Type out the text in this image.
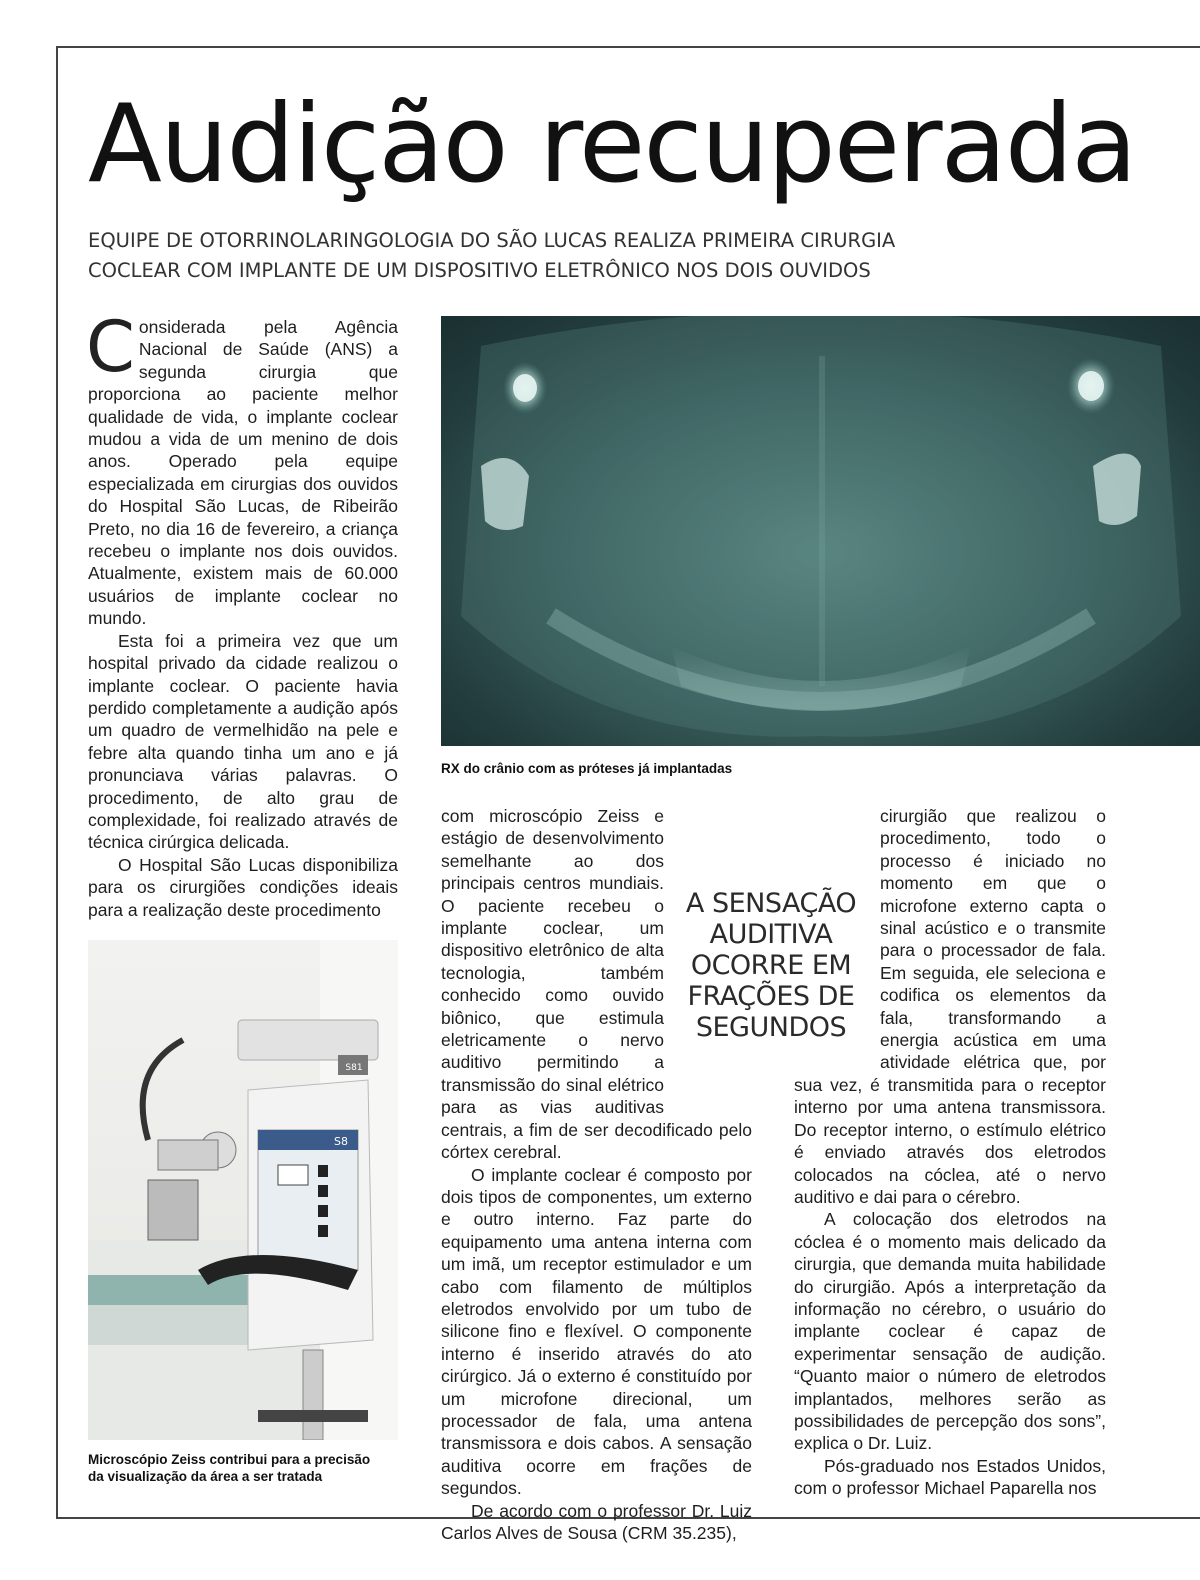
Audição recuperada
EQUIPE DE OTORRINOLARINGOLOGIA DO SÃO LUCAS REALIZA PRIMEIRA CIRURGIA
COCLEAR COM IMPLANTE DE UM DISPOSITIVO ELETRÔNICO NOS DOIS OUVIDOS

Considerada pela Agência Nacional de Saúde (ANS) a segunda cirurgia que proporciona ao paciente melhor qualidade de vida, o implante coclear mudou a vida de um menino de dois anos. Operado pela equipe especializada em cirurgias dos ouvidos do Hospital São Lucas, de Ribeirão Preto, no dia 16 de fevereiro, a criança recebeu o implante nos dois ouvidos. Atualmente, existem mais de 60.000 usuários de implante coclear no mundo.

Esta foi a primeira vez que um hospital privado da cidade realizou o implante coclear. O paciente havia perdido completamente a audição após um quadro de vermelhidão na pele e febre alta quando tinha um ano e já pronunciava várias palavras. O procedimento, de alto grau de complexidade, foi realizado através de técnica cirúrgica delicada.

O Hospital São Lucas disponibiliza para os cirurgiões condições ideais para a realização deste procedimento

RX do crânio com as próteses já implantadas
S81
S8
Microscópio Zeiss contribui para a precisão da visualização da área a ser tratada

com microscópio Zeiss e estágio de desenvolvimento semelhante ao dos principais centros mundiais. O paciente recebeu o implante coclear, um dispositivo eletrônico de alta tecnologia, também conhecido como ouvido biônico, que estimula eletricamente o nervo auditivo permitindo a transmissão do sinal elétrico para as vias auditivas centrais, a fim de ser decodificado pelo córtex cerebral.

O implante coclear é composto por dois tipos de componentes, um externo e outro interno. Faz parte do equipamento uma antena interna com um imã, um receptor estimulador e um cabo com filamento de múltiplos eletrodos envolvido por um tubo de silicone fino e flexível. O componente interno é inserido através do ato cirúrgico. Já o externo é constituído por um microfone direcional, um processador de fala, uma antena transmissora e dois cabos. A sensação auditiva ocorre em frações de segundos.

De acordo com o professor Dr. Luiz Carlos Alves de Sousa (CRM 35.235),

A SENSAÇÃO
AUDITIVA
OCORRE EM
FRAÇÕES DE
SEGUNDOS

cirurgião que realizou o procedimento, todo o processo é iniciado no momento em que o microfone externo capta o sinal acústico e o transmite para o processador de fala. Em seguida, ele seleciona e codifica os elementos da fala, transformando a energia acústica em uma atividade elétrica que, por sua vez, é transmitida para o receptor interno por uma antena transmissora. Do receptor interno, o estímulo elétrico é enviado através dos eletrodos colocados na cóclea, até o nervo auditivo e dai para o cérebro.

A colocação dos eletrodos na cóclea é o momento mais delicado da cirurgia, que demanda muita habilidade do cirurgião. Após a interpretação da informação no cérebro, o usuário do implante coclear é capaz de experimentar sensação de audição. “Quanto maior o número de eletrodos implantados, melhores serão as possibilidades de percepção dos sons”, explica o Dr. Luiz.

Pós-graduado nos Estados Unidos, com o professor Michael Paparella nos
